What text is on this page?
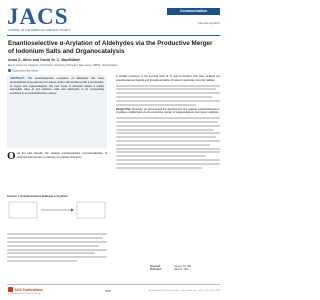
JACS
JOURNAL OF THE AMERICAN CHEMICAL SOCIETY
Communication
pubs.acs.org/JACS
Enantioselective α-Arylation of Aldehydes via the Productive Merger of Iodonium Salts and Organocatalysis
Anna E. Allen and David W. C. MacMillan*
Merck Center for Catalysis at Princeton University, Princeton, New Jersey 08544, United States
Supporting Information
ABSTRACT: The enantioselective α-arylation of aldehydes has been accomplished using electron-rich arenes under mild conditions with a combination of copper and organocatalysis; this new mode of activation allows a readily accessible class of aryl iodonium salts and aldehydes to be successfully combined in an enantioselective manner.
O ver the past decade, the catalytic enantioselective α-functionalization of carbonyls has become a mainstay of synthetic chemistry.
Scheme 1. Enantioselective Aldehyde α-Arylation
A notable exception is the seminal work of Ye and co-workers who have realized the enantioselective Negishi and Kumada arylation of racemic secondary benzylic halides.
Design Plan. Recently, we documented the development of a catalytic enantioselective α-vinylation of aldehydes via the productive merger of organocatalysis and copper catalysis.
Received:	January 28, 2011
Published:	March 9, 2011
ACS Publications
© 2011 American Chemical Society
4260	dx.doi.org/10.1021/ja2008906 | J. Am. Chem. Soc. 2011, 133, 4260–4263
